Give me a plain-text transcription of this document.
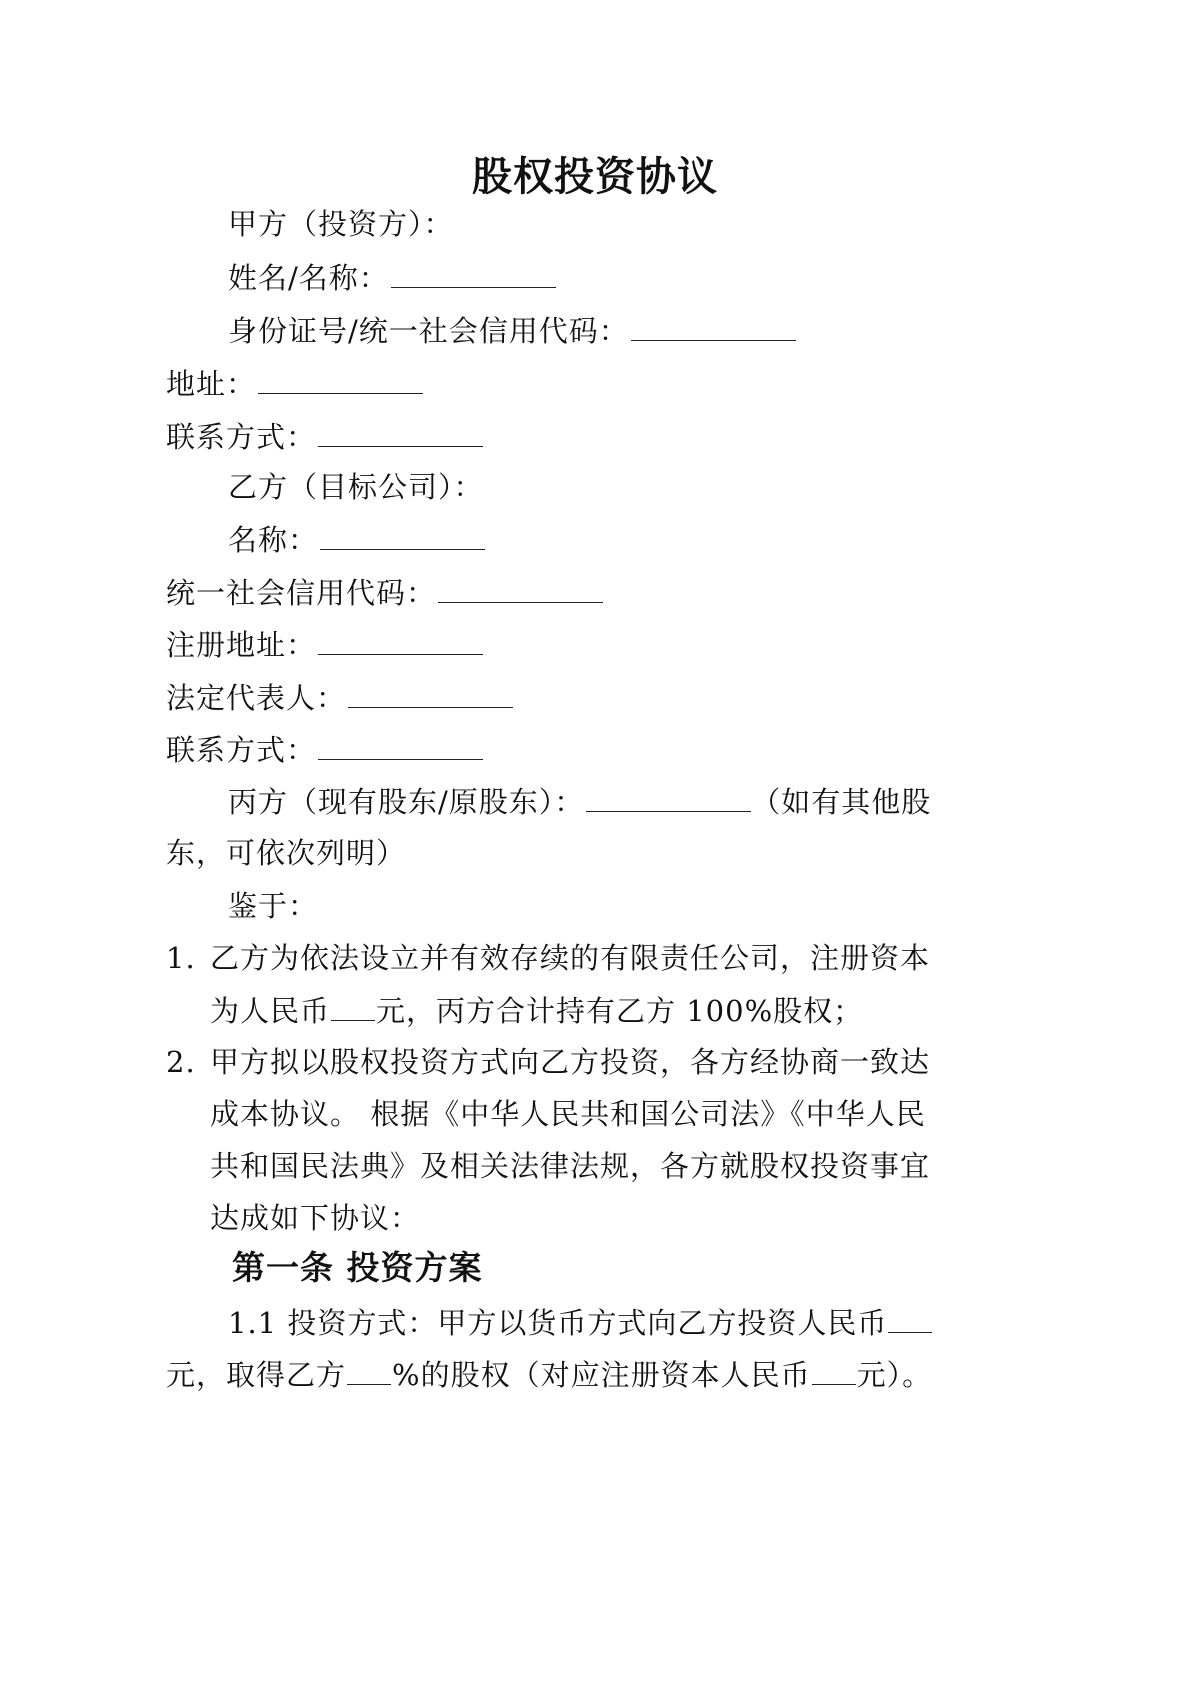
股权投资协议
甲方（投资方）：
姓名/名称：
身份证号/统一社会信用代码：
地址：
联系方式：
乙方（目标公司）：
名称：
统一社会信用代码：
注册地址：
法定代表人：
联系方式：
丙方（现有股东/原股东）：	（如有其他股
东，可依次列明）
鉴于：
1. 乙方为依法设立并有效存续的有限责任公司，注册资本
为人民币 元，丙方合计持有乙方 100%股权；
2. 甲方拟以股权投资方式向乙方投资，各方经协商一致达
成本协议。 根据《中华人民共和国公司法》《中华人民
共和国民法典》及相关法律法规，各方就股权投资事宜
达成如下协议：
第一条 投资方案
1.1 投资方式：甲方以货币方式向乙方投资人民币
元，取得乙方 %的股权（对应注册资本人民币 元）。
